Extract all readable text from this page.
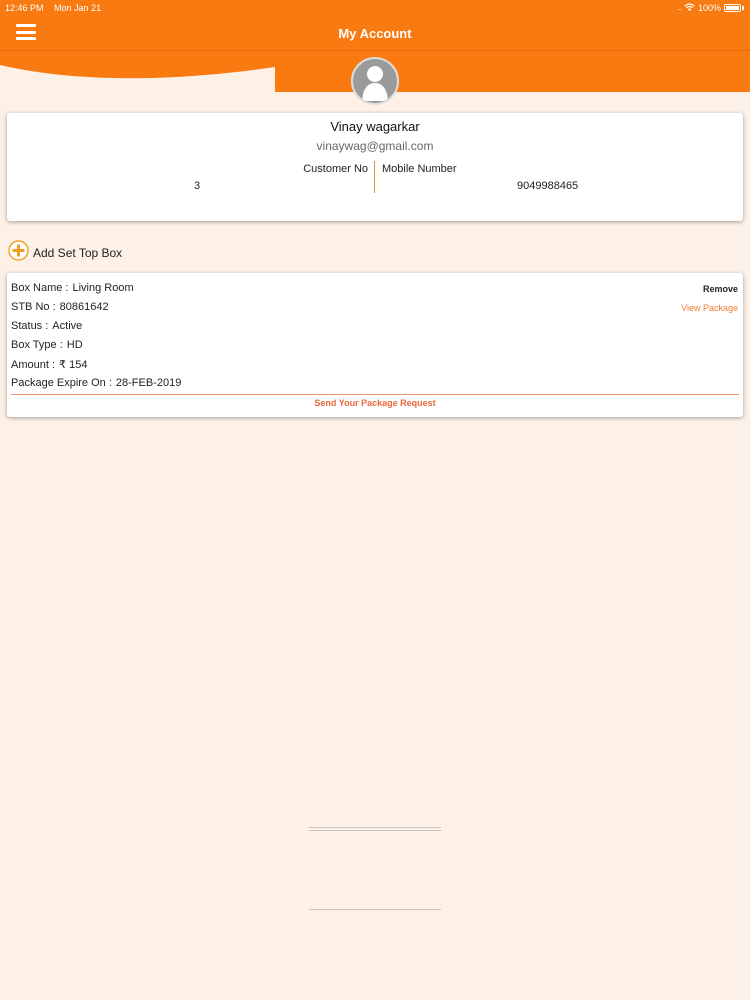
12:46 PM Mon Jan 21	.... 100%
My Account
Vinay wagarkar
vinaywag@gmail.com
Customer No
3
Mobile Number
9049988465
Add Set Top Box
Box Name : Living Room
STB No : 80861642
Status : Active
Box Type : HD
Amount : ₹ 154
Package Expire On : 28-FEB-2019
Remove
View Package
Send Your Package Request
